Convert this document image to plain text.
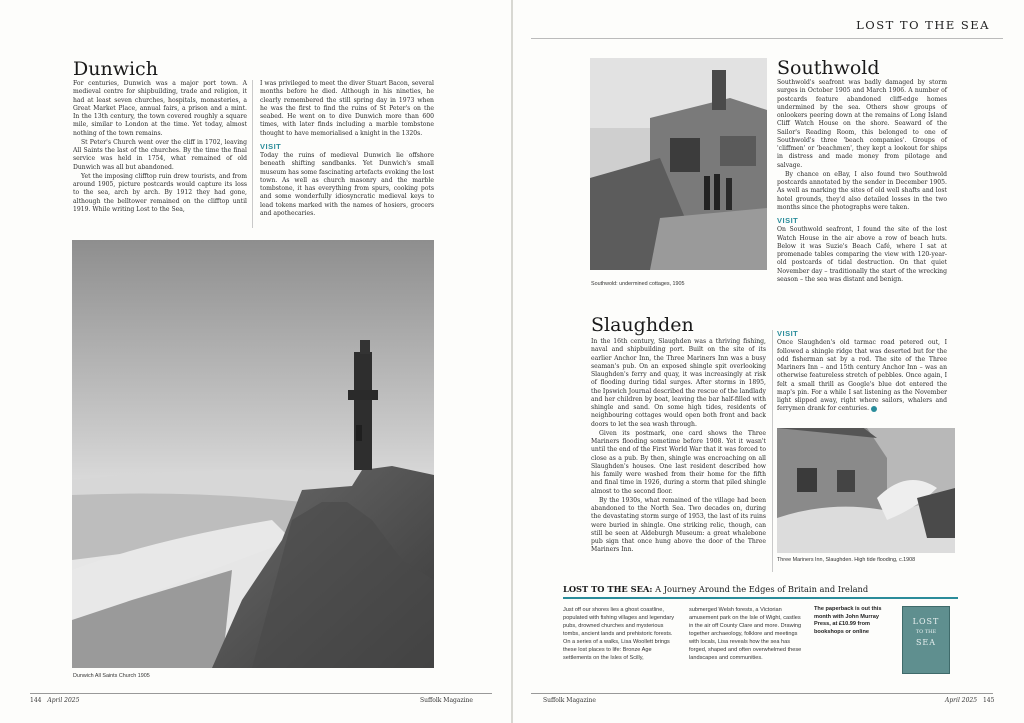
Dunwich

For centuries, Dunwich was a major port town. A medieval centre for shipbuilding, trade and religion, it had at least seven churches, hospitals, monasteries, a Great Market Place, annual fairs, a prison and a mint. In the 13th century, the town covered roughly a square mile, similar to London at the time. Yet today, almost nothing of the town remains.

St Peter's Church went over the cliff in 1702, leaving All Saints the last of the churches. By the time the final service was held in 1754, what remained of old Dunwich was all but abandoned.

Yet the imposing clifftop ruin drew tourists, and from around 1905, picture postcards would capture its loss to the sea, arch by arch. By 1912 they had gone, although the belltower remained on the clifftop until 1919. While writing Lost to the Sea,

I was privileged to meet the diver Stuart Bacon, several months before he died. Although in his nineties, he clearly remembered the still spring day in 1973 when he was the first to find the ruins of St Peter's on the seabed. He went on to dive Dunwich more than 600 times, with later finds including a marble tombstone thought to have memorialised a knight in the 1320s.

VISIT

Today the ruins of medieval Dunwich lie offshore beneath shifting sandbanks. Yet Dunwich's small museum has some fascinating artefacts evoking the lost town. As well as church masonry and the marble tombstone, it has everything from spurs, cooking pots and some wonderfully idiosyncratic medieval keys to lead tokens marked with the names of hosiers, grocers and apothecaries.

Dunwich All Saints Church 1905
144 April 2025	Suffolk Magazine
LOST TO THE SEA
Southwold: undermined cottages, 1905
Southwold

Southwold's seafront was badly damaged by storm surges in October 1905 and March 1906. A number of postcards feature abandoned cliff-edge homes undermined by the sea. Others show groups of onlookers peering down at the remains of Long Island Cliff Watch House on the shore. Seaward of the Sailor's Reading Room, this belonged to one of Southwold's three 'beach companies'. Groups of 'cliffmen' or 'beachmen', they kept a lookout for ships in distress and made money from pilotage and salvage.

By chance on eBay, I also found two Southwold postcards annotated by the sender in December 1905. As well as marking the sites of old well shafts and lost hotel grounds, they'd also detailed losses in the two months since the photographs were taken.

VISIT

On Southwold seafront, I found the site of the lost Watch House in the air above a row of beach huts. Below it was Suzie's Beach Café, where I sat at promenade tables comparing the view with 120-year-old postcards of tidal destruction. On that quiet November day – traditionally the start of the wrecking season – the sea was distant and benign.

Slaughden

In the 16th century, Slaughden was a thriving fishing, naval and shipbuilding port. Built on the site of its earlier Anchor Inn, the Three Mariners Inn was a busy seaman's pub. On an exposed shingle spit overlooking Slaughden's ferry and quay, it was increasingly at risk of flooding during tidal surges. After storms in 1895, the Ipswich Journal described the rescue of the landlady and her children by boat, leaving the bar half-filled with shingle and sand. On some high tides, residents of neighbouring cottages would open both front and back doors to let the sea wash through.

Given its postmark, one card shows the Three Mariners flooding sometime before 1908. Yet it wasn't until the end of the First World War that it was forced to close as a pub. By then, shingle was encroaching on all Slaughden's houses. One last resident described how his family were washed from their home for the fifth and final time in 1926, during a storm that piled shingle almost to the second floor.

By the 1930s, what remained of the village had been abandoned to the North Sea. Two decades on, during the devastating storm surge of 1953, the last of its ruins were buried in shingle. One striking relic, though, can still be seen at Aldeburgh Museum: a great whalebone pub sign that once hung above the door of the Three Mariners Inn.

VISIT

Once Slaughden's old tarmac road petered out, I followed a shingle ridge that was deserted but for the odd fisherman sat by a rod. The site of the Three Mariners Inn – and 15th century Anchor Inn – was an otherwise featureless stretch of pebbles. Once again, I felt a small thrill as Google's blue dot entered the map's pin. For a while I sat listening as the November light slipped away, right where sailors, whalers and ferrymen drank for centuries.

Three Mariners Inn, Slaughden. High tide flooding, c.1908
LOST TO THE SEA: A Journey Around the Edges of Britain and Ireland
Just off our shores lies a ghost coastline, populated with fishing villages and legendary pubs, drowned churches and mysterious tombs, ancient lands and prehistoric forests. On a series of a walks, Lisa Woollett brings these lost places to life: Bronze Age settlements on the Isles of Scilly,
submerged Welsh forests, a Victorian amusement park on the Isle of Wight, castles in the air off County Clare and more. Drawing together archaeology, folklore and meetings with locals, Lisa reveals how the sea has forged, shaped and often overwhelmed these landscapes and communities.
The paperback is out this month with John Murray Press, at £10.99 from bookshops or online
LOST
TO THE
SEA
Suffolk Magazine	April 2025 145
